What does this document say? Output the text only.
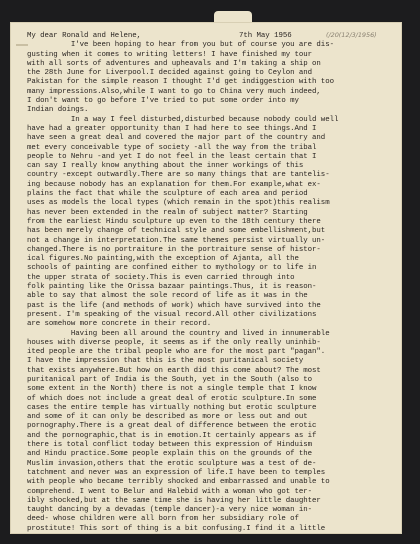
My dear Ronald and Helene,	7th May 1956	(/20(12/3/1956)
I've been hoping to hear from you but of course you are dis-
gusting when it comes to writing letters! I have finished my tour
with all sorts of adventures and upheavals and I'm taking a ship on
the 28th June for Liverpool.I decided against going to Ceylon and
Pakistan for the simple reason I thought I'd get indiggestion with too
many impressions.Also,while I want to go to China very much indeed,
I don't want to go before I've tried to put some order into my
Indian doings.
In a way I feel disturbed,disturbed because nobody could well
have had a greater opportunity than I had here to see things.And I
have seen a great deal and covered the major part of the country and
met every conceivable type of society -all the way from the tribal
people to Nehru -and yet I do not feel in the least certain that I
can say I really know anything about the inner workings of this
country -except outwardly.There are so many things that are tantelis-
ing because nobody has an explanation for them.For example,what ex-
plains the fact that while the sculpture of each area and period
uses as models the local types (which remain in the spot)this realism
has never been extended in the realm of subject matter? Starting
from the earliest Hindu sculpture up even to the 18th century there
has been merely change of technical style and some embellishment,but
not a change in interpretation.The same themes persist virtually un-
changed.There is no portraiture in the portraiture sense of histor-
ical figures.No painting,with the exception of Ajanta, all the
schools of painting are confined either to mythology or to life in
the upper strata of society.This is even carried through into
folk painting like the Orissa bazaar paintings.Thus, it is reason-
able to say that almost the sole record of life as it was in the
past is the life (and methods of work) which have survived into the
present. I'm speaking of the visual record.All other civilizations
are somehow more concrete in their record.
Having been all around the country and lived in innumerable
houses with diverse people, it seems as if the only really uninhib-
ited people are the tribal people who are for the most part "pagan".
I have the impression that this is the most puritanical society
that exists anywhere.But how on earth did this come about? The most
puritanical part of India is the South, yet in the South (also to
some extent in the North) there is not a single temple that I know
of which does not include a great deal of erotic sculpture.In some
cases the entire temple has virtually nothing but erotic sculpture
and some of it can only be described as more or less out and out
pornography.There is a great deal of difference between the erotic
and the pornographic,that is in emotion.It certainly appears as if
there is total conflict today between this expression of Hinduism
and Hindu practice.Some people explain this on the grounds of the
Muslim invasion,others that the erotic sculpture was a test of de-
tatchment and never was an expression of life.I have been to temples
with people who became terribly shocked and embarrassed and unable to
comprehend. I went to Belur and Halebid with a woman who got ter-
ibly shocked,but at the same time she is having her little daughter
taught dancing by a devadas (temple dancer)-a very nice woman in-
deed- whose children were all born from her subsidiary role of
prostitute! This sort of thing is a bit confusing.I find it a little
